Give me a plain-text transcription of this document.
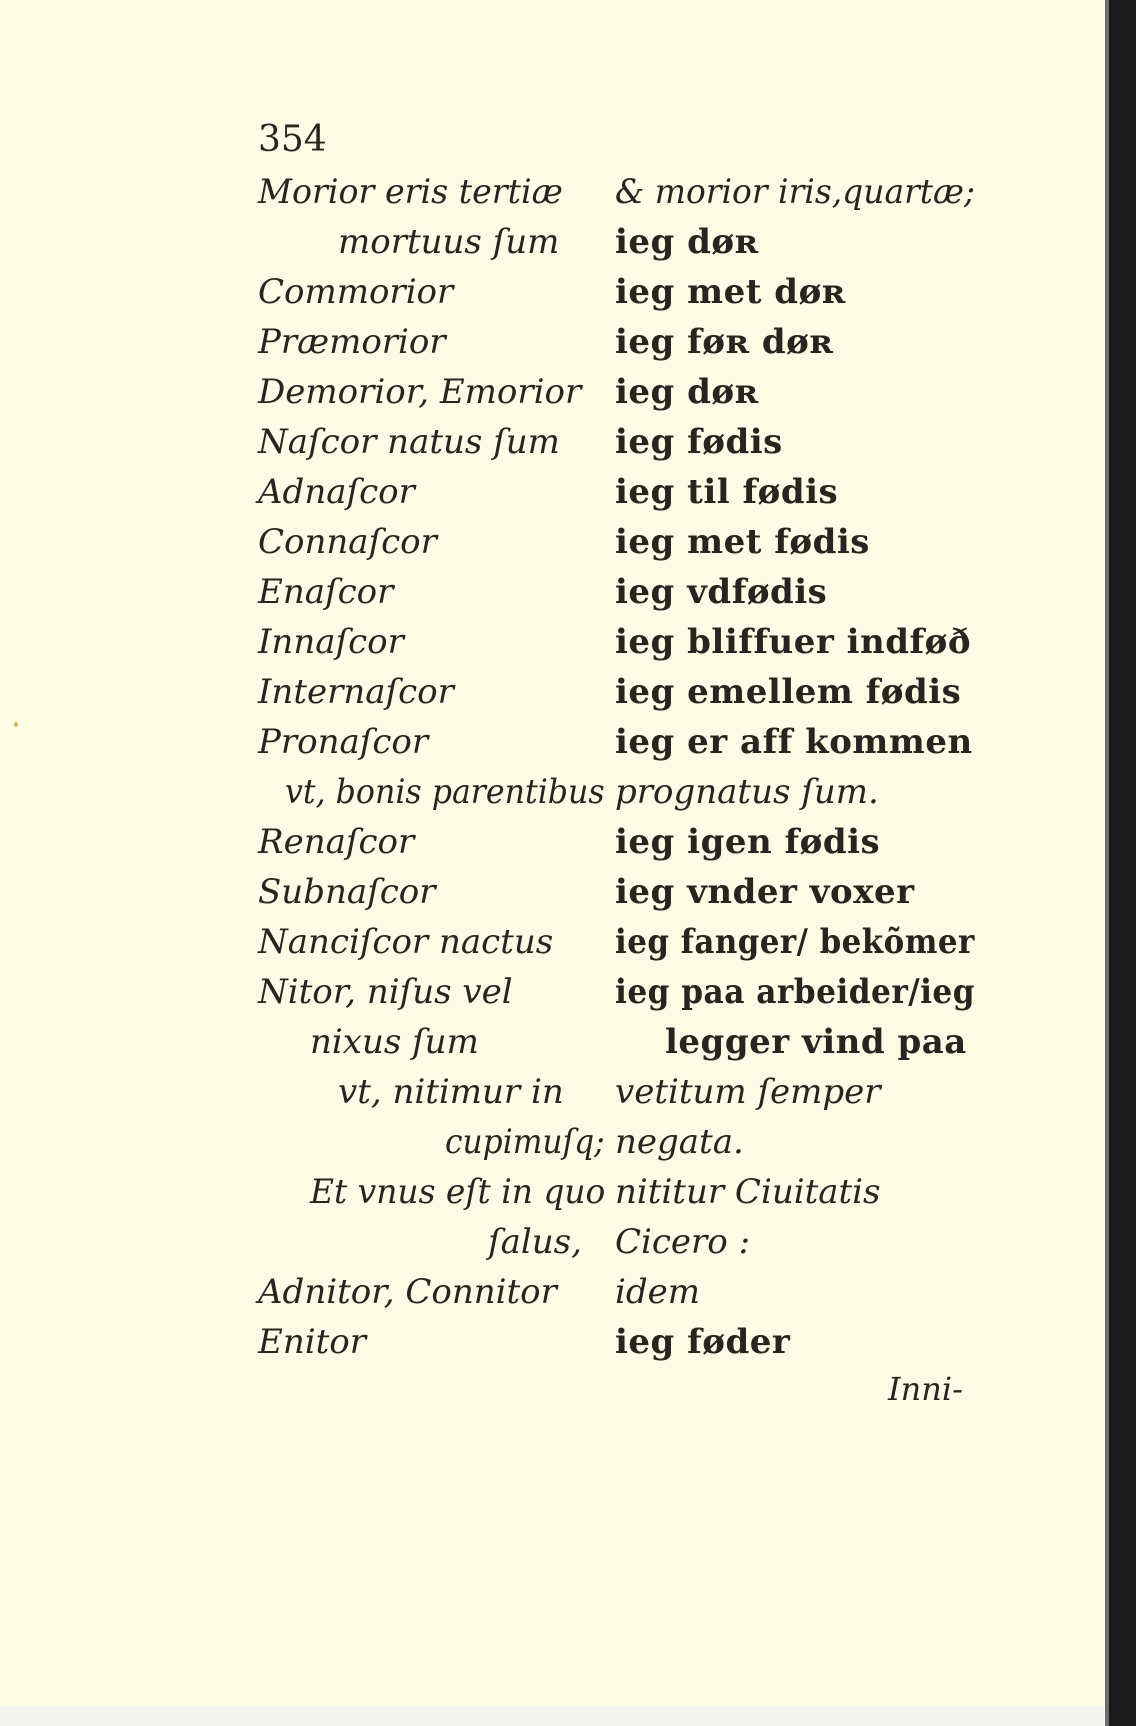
354
Morior eris tertiæ
mortuus ſum
Commorior
Præmorior
Demorior, Emorior
Naſcor natus ſum
Adnaſcor
Connaſcor
Enaſcor
Innaſcor
Internaſcor
Pronaſcor
vt, bonis parentibus
Renaſcor
Subnaſcor
Nanciſcor nactus
Nitor, niſus vel
nixus ſum
vt, nitimur in
cupimuſq;
Et vnus eſt in quo
ſalus,
Adnitor, Connitor
Enitor
& morior iris,quartæ;
ieg døʀ
ieg met døʀ
ieg føʀ døʀ
ieg døʀ
ieg fødis
ieg til fødis
ieg met fødis
ieg vdfødis
ieg bliffuer indføð
ieg emellem fødis
ieg er aff kommen
prognatus ſum.
ieg igen fødis
ieg vnder voxer
ieg fanger/ bekõmer
ieg paa arbeider/ieg
legger vind paa
vetitum ſemper
negata.
nititur Ciuitatis
Cicero :
idem
ieg føder
Inni-
